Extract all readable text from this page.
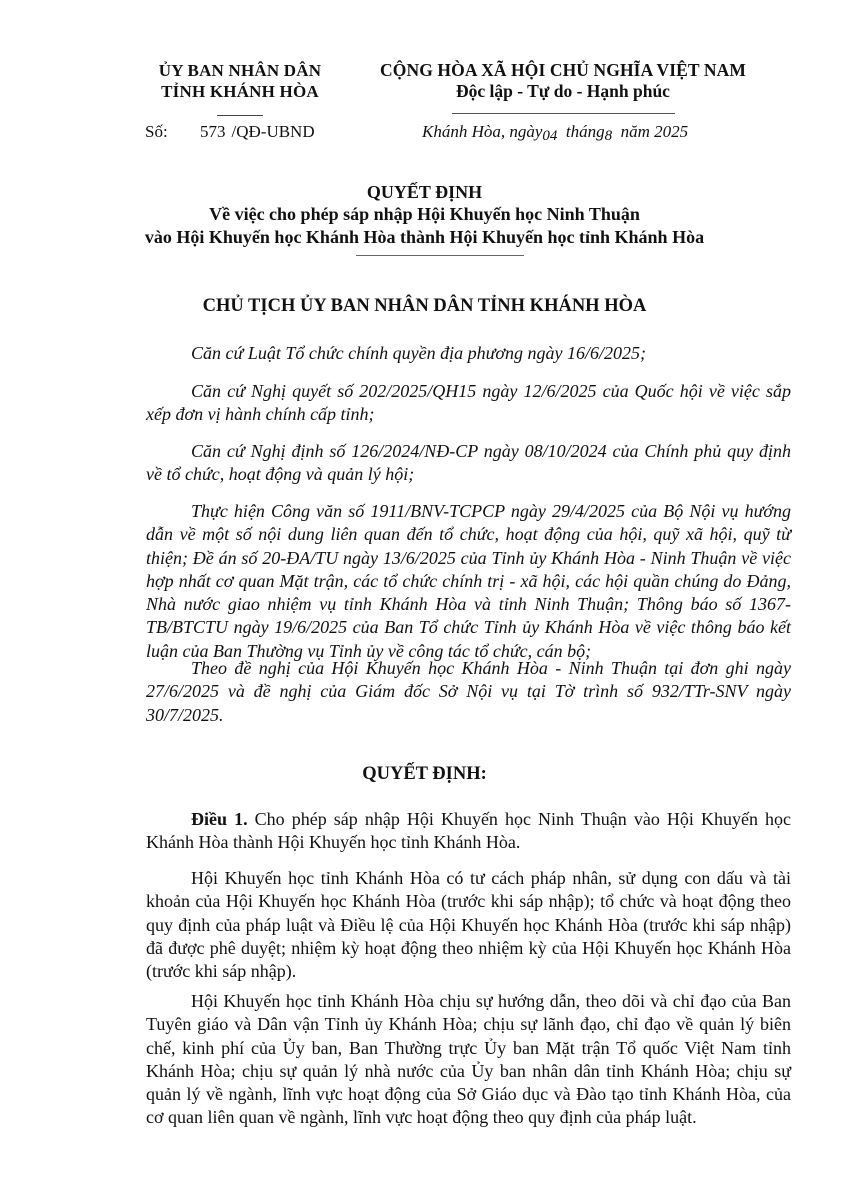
ỦY BAN NHÂN DÂN
TỈNH KHÁNH HÒA
CỘNG HÒA XÃ HỘI CHỦ NGHĨA VIỆT NAM
Độc lập - Tự do - Hạnh phúc
Số: 573 /QĐ-UBND	Khánh Hòa, ngày04 tháng8 năm 2025
QUYẾT ĐỊNH
Về việc cho phép sáp nhập Hội Khuyến học Ninh Thuận
vào Hội Khuyến học Khánh Hòa thành Hội Khuyến học tỉnh Khánh Hòa
CHỦ TỊCH ỦY BAN NHÂN DÂN TỈNH KHÁNH HÒA

Căn cứ Luật Tổ chức chính quyền địa phương ngày 16/6/2025;

Căn cứ Nghị quyết số 202/2025/QH15 ngày 12/6/2025 của Quốc hội về việc sắp xếp đơn vị hành chính cấp tỉnh;

Căn cứ Nghị định số 126/2024/NĐ-CP ngày 08/10/2024 của Chính phủ quy định về tổ chức, hoạt động và quản lý hội;

Thực hiện Công văn số 1911/BNV-TCPCP ngày 29/4/2025 của Bộ Nội vụ hướng dẫn về một số nội dung liên quan đến tổ chức, hoạt động của hội, quỹ xã hội, quỹ từ thiện; Đề án số 20-ĐA/TU ngày 13/6/2025 của Tỉnh ủy Khánh Hòa - Ninh Thuận về việc hợp nhất cơ quan Mặt trận, các tổ chức chính trị - xã hội, các hội quần chúng do Đảng, Nhà nước giao nhiệm vụ tỉnh Khánh Hòa và tỉnh Ninh Thuận; Thông báo số 1367-TB/BTCTU ngày 19/6/2025 của Ban Tổ chức Tỉnh ủy Khánh Hòa về việc thông báo kết luận của Ban Thường vụ Tỉnh ủy về công tác tổ chức, cán bộ;

Theo đề nghị của Hội Khuyến học Khánh Hòa - Ninh Thuận tại đơn ghi ngày 27/6/2025 và đề nghị của Giám đốc Sở Nội vụ tại Tờ trình số 932/TTr-SNV ngày 30/7/2025.

QUYẾT ĐỊNH:

Điều 1. Cho phép sáp nhập Hội Khuyến học Ninh Thuận vào Hội Khuyến học Khánh Hòa thành Hội Khuyến học tỉnh Khánh Hòa.

Hội Khuyến học tỉnh Khánh Hòa có tư cách pháp nhân, sử dụng con dấu và tài khoản của Hội Khuyến học Khánh Hòa (trước khi sáp nhập); tổ chức và hoạt động theo quy định của pháp luật và Điều lệ của Hội Khuyến học Khánh Hòa (trước khi sáp nhập) đã được phê duyệt; nhiệm kỳ hoạt động theo nhiệm kỳ của Hội Khuyến học Khánh Hòa (trước khi sáp nhập).

Hội Khuyến học tỉnh Khánh Hòa chịu sự hướng dẫn, theo dõi và chỉ đạo của Ban Tuyên giáo và Dân vận Tỉnh ủy Khánh Hòa; chịu sự lãnh đạo, chỉ đạo về quản lý biên chế, kinh phí của Ủy ban, Ban Thường trực Ủy ban Mặt trận Tổ quốc Việt Nam tỉnh Khánh Hòa; chịu sự quản lý nhà nước của Ủy ban nhân dân tỉnh Khánh Hòa; chịu sự quản lý về ngành, lĩnh vực hoạt động của Sở Giáo dục và Đào tạo tỉnh Khánh Hòa, của cơ quan liên quan về ngành, lĩnh vực hoạt động theo quy định của pháp luật.
